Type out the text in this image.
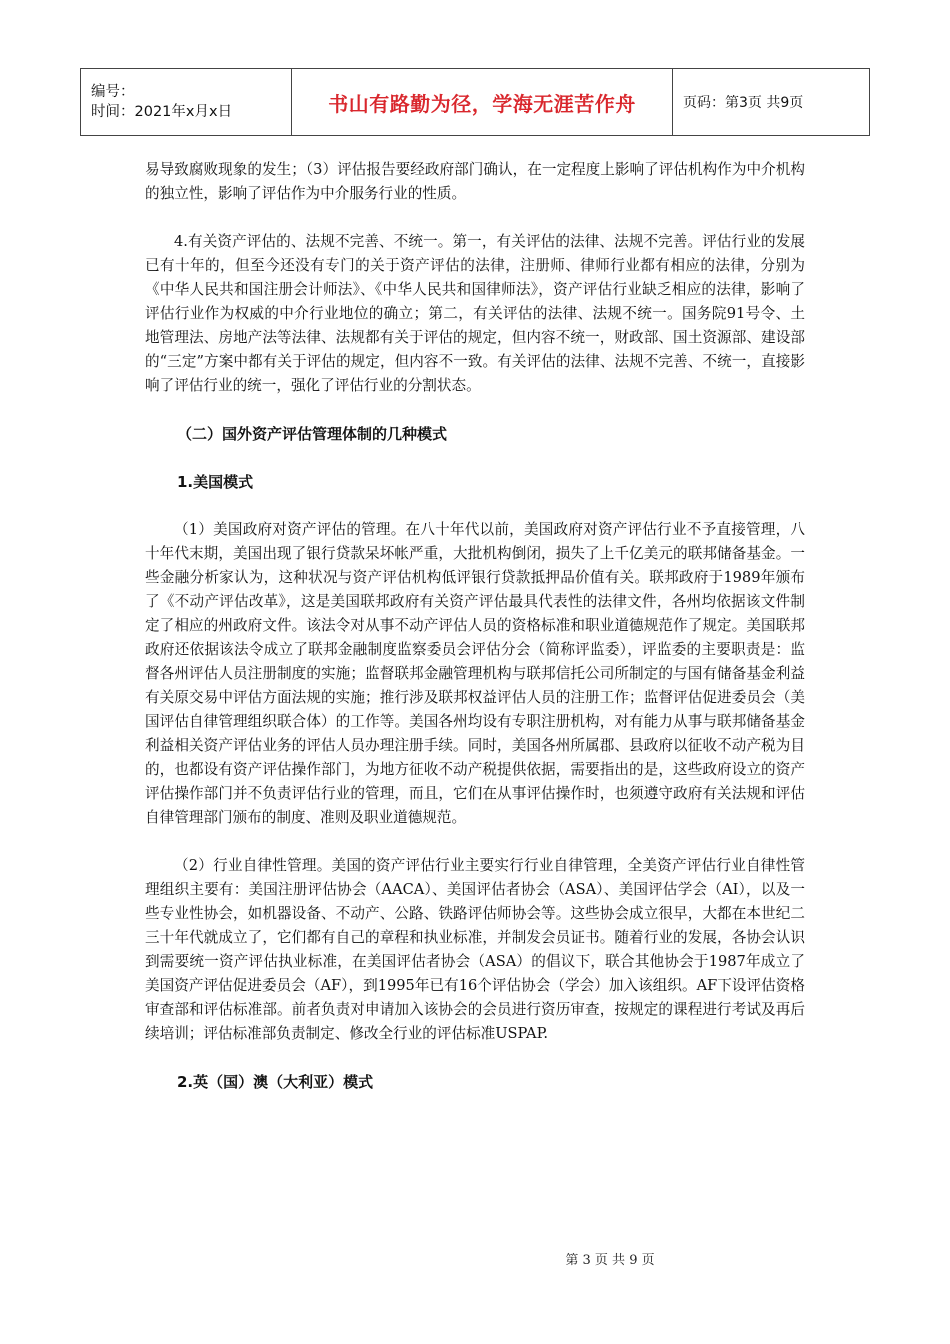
编号：
时间：2021年x月x日	书山有路勤为径，学海无涯苦作舟	页码：第3页 共9页

易导致腐败现象的发生；（3）评估报告要经政府部门确认，在一定程度上影响了评估机构作为中介机构的独立性，影响了评估作为中介服务行业的性质。

4.有关资产评估的、法规不完善、不统一。第一，有关评估的法律、法规不完善。评估行业的发展已有十年的，但至今还没有专门的关于资产评估的法律，注册师、律师行业都有相应的法律，分别为《中华人民共和国注册会计师法》、《中华人民共和国律师法》，资产评估行业缺乏相应的法律，影响了评估行业作为权威的中介行业地位的确立；第二，有关评估的法律、法规不统一。国务院91号令、土地管理法、房地产法等法律、法规都有关于评估的规定，但内容不统一，财政部、国土资源部、建设部的“三定”方案中都有关于评估的规定，但内容不一致。有关评估的法律、法规不完善、不统一，直接影响了评估行业的统一，强化了评估行业的分割状态。

（二）国外资产评估管理体制的几种模式
1.美国模式

（1）美国政府对资产评估的管理。在八十年代以前，美国政府对资产评估行业不予直接管理，八十年代末期，美国出现了银行贷款呆坏帐严重，大批机构倒闭，损失了上千亿美元的联邦储备基金。一些金融分析家认为，这种状况与资产评估机构低评银行贷款抵押品价值有关。联邦政府于1989年颁布了《不动产评估改革》，这是美国联邦政府有关资产评估最具代表性的法律文件，各州均依据该文件制定了相应的州政府文件。该法令对从事不动产评估人员的资格标准和职业道德规范作了规定。美国联邦政府还依据该法令成立了联邦金融制度监察委员会评估分会（简称评监委），评监委的主要职责是：监督各州评估人员注册制度的实施；监督联邦金融管理机构与联邦信托公司所制定的与国有储备基金利益有关原交易中评估方面法规的实施；推行涉及联邦权益评估人员的注册工作；监督评估促进委员会（美国评估自律管理组织联合体）的工作等。美国各州均设有专职注册机构，对有能力从事与联邦储备基金利益相关资产评估业务的评估人员办理注册手续。同时，美国各州所属郡、县政府以征收不动产税为目的，也都设有资产评估操作部门，为地方征收不动产税提供依据，需要指出的是，这些政府设立的资产评估操作部门并不负责评估行业的管理，而且，它们在从事评估操作时，也须遵守政府有关法规和评估自律管理部门颁布的制度、准则及职业道德规范。

（2）行业自律性管理。美国的资产评估行业主要实行行业自律管理，全美资产评估行业自律性管理组织主要有：美国注册评估协会（AACA）、美国评估者协会（ASA）、美国评估学会（AI），以及一些专业性协会，如机器设备、不动产、公路、铁路评估师协会等。这些协会成立很早，大都在本世纪二三十年代就成立了，它们都有自己的章程和执业标准，并制发会员证书。随着行业的发展，各协会认识到需要统一资产评估执业标准，在美国评估者协会（ASA）的倡议下，联合其他协会于1987年成立了美国资产评估促进委员会（AF），到1995年已有16个评估协会（学会）加入该组织。AF下设评估资格审查部和评估标准部。前者负责对申请加入该协会的会员进行资历审查，按规定的课程进行考试及再后续培训；评估标准部负责制定、修改全行业的评估标准USPAP.

2.英（国）澳（大利亚）模式
第 3 页 共 9 页
